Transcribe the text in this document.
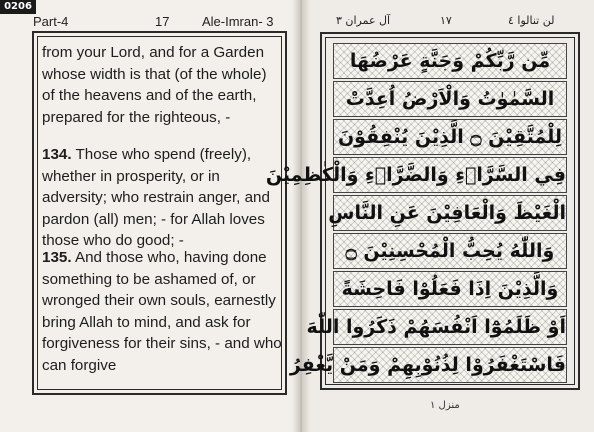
0206
Part-4	17	Ale-Imran- 3

from your Lord, and for a Garden whose width is that (of the whole) of the heavens and of the earth, prepared for the righteous, -

134. Those who spend (freely), whether in prosperity, or in adversity; who restrain anger, and pardon (all) men; - for Allah loves those who do good; -

135. And those who, having done something to be ashamed of, or wronged their own souls, earnestly bring Allah to mind, and ask for forgiveness for their sins, - and who can forgive

لن تنالوا ٤
١٧
آل عمران ٣
مِّن رَّبِّكُمْ وَجَنَّةٍ عَرْضُهَا
السَّمٰوٰتُ وَالْاَرْضُ اُعِدَّتْ
لِلْمُتَّقِيْنَ ۝ الَّذِيْنَ يُنْفِقُوْنَ
فِي السَّرَّاۤءِ وَالضَّرَّاۤءِ وَالْكٰظِمِيْنَ
الْغَيْظَ وَالْعَافِيْنَ عَنِ النَّاسِ
وَاللّٰهُ يُحِبُّ الْمُحْسِنِيْنَ ۝
وَالَّذِيْنَ اِذَا فَعَلُوْا فَاحِشَةً
اَوْ ظَلَمُوْٓا اَنْفُسَهُمْ ذَكَرُوا اللّٰهَ
فَاسْتَغْفَرُوْا لِذُنُوْبِهِمْ وَمَنْ يَّغْفِرُ
منزل ١
